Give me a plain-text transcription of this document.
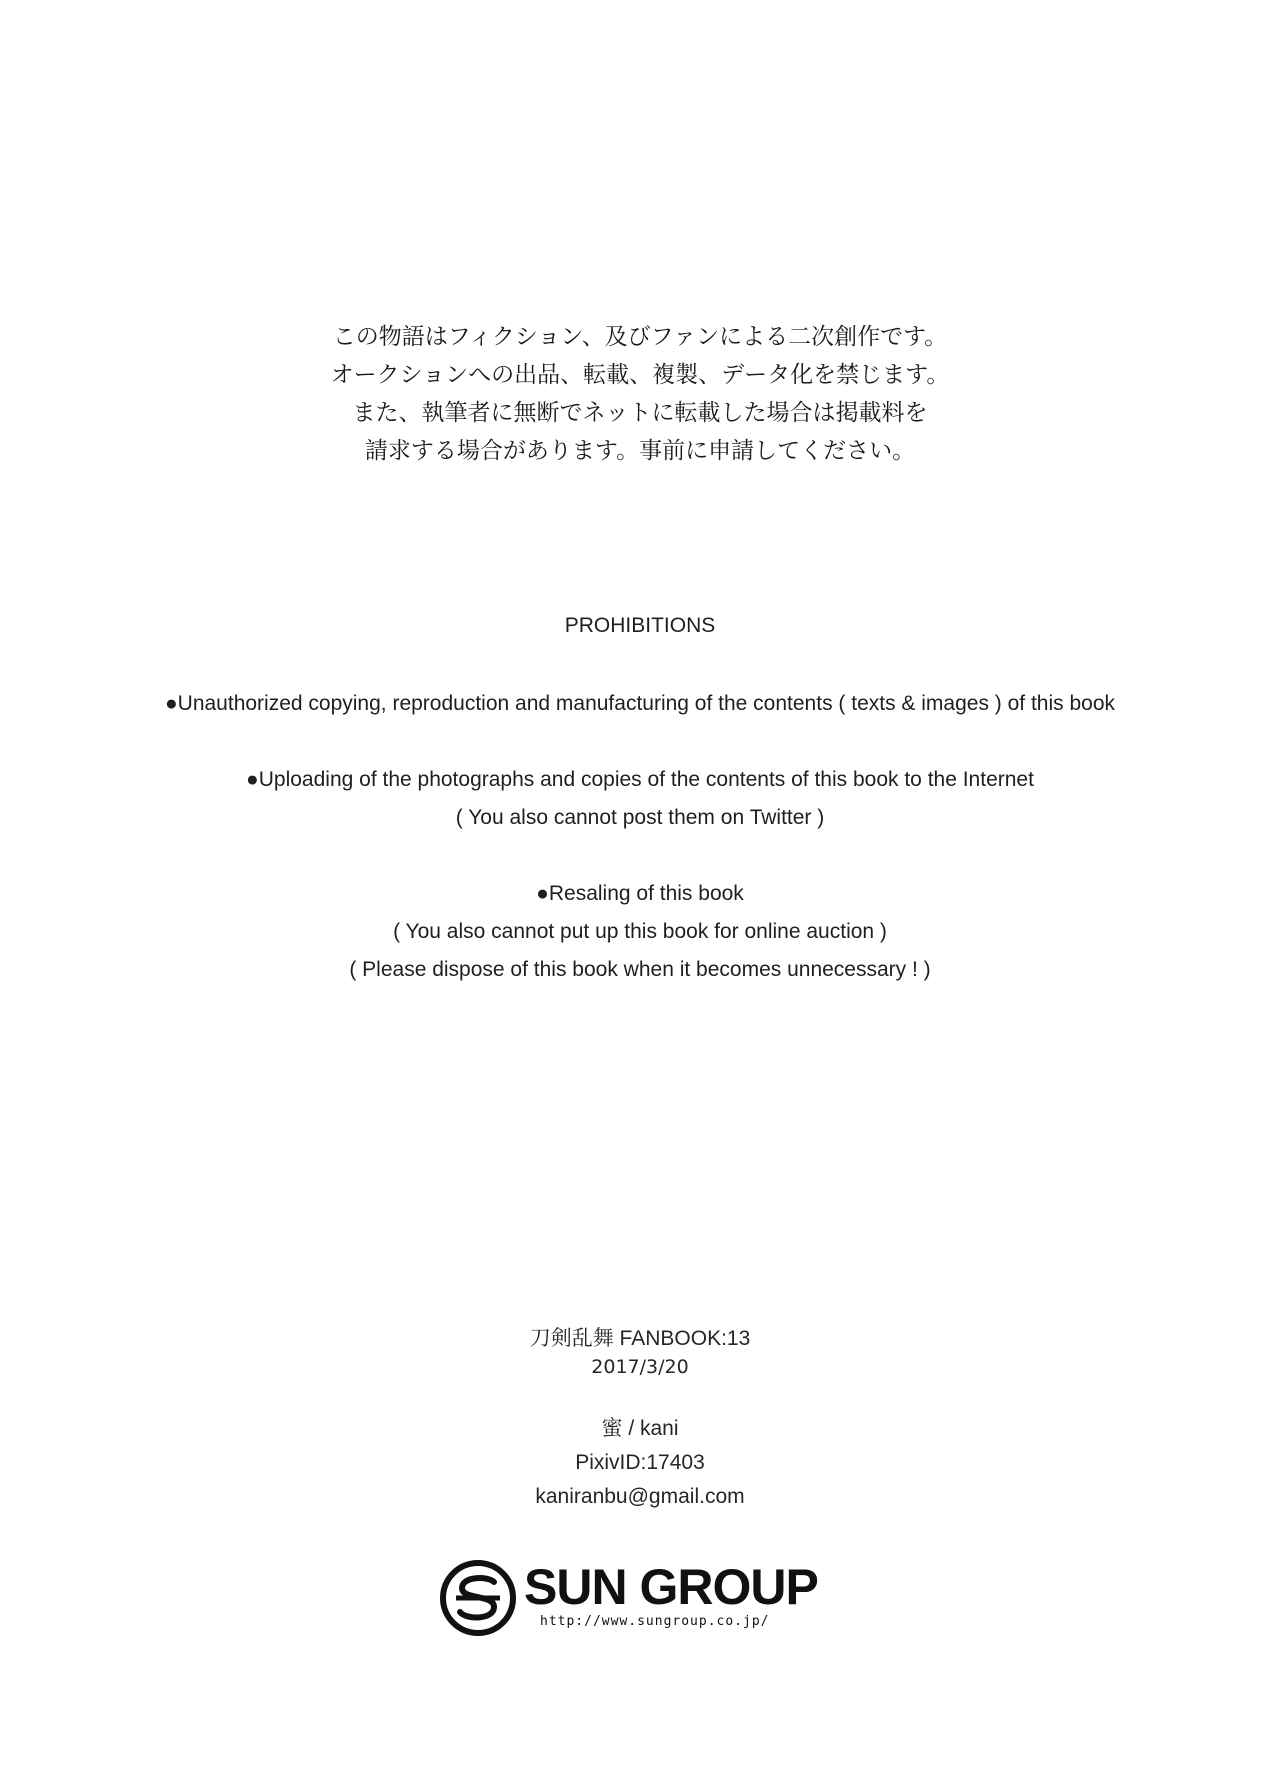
この物語はフィクション、及びファンによる二次創作です。
オークションへの出品、転載、複製、データ化を禁じます。
また、執筆者に無断でネットに転載した場合は掲載料を
請求する場合があります。事前に申請してください。
PROHIBITIONS
●Unauthorized copying, reproduction and manufacturing of the contents ( texts & images ) of this book
●Uploading of the photographs and copies of the contents of this book to the Internet
( You also cannot post them on Twitter )
●Resaling of this book
( You also cannot put up this book for online auction )
( Please dispose of this book when it becomes unnecessary ! )
刀剣乱舞 FANBOOK:13
2017/3/20
蜜 / kani
PixivID:17403
kaniranbu@gmail.com
SUN GROUP
http://www.sungroup.co.jp/
